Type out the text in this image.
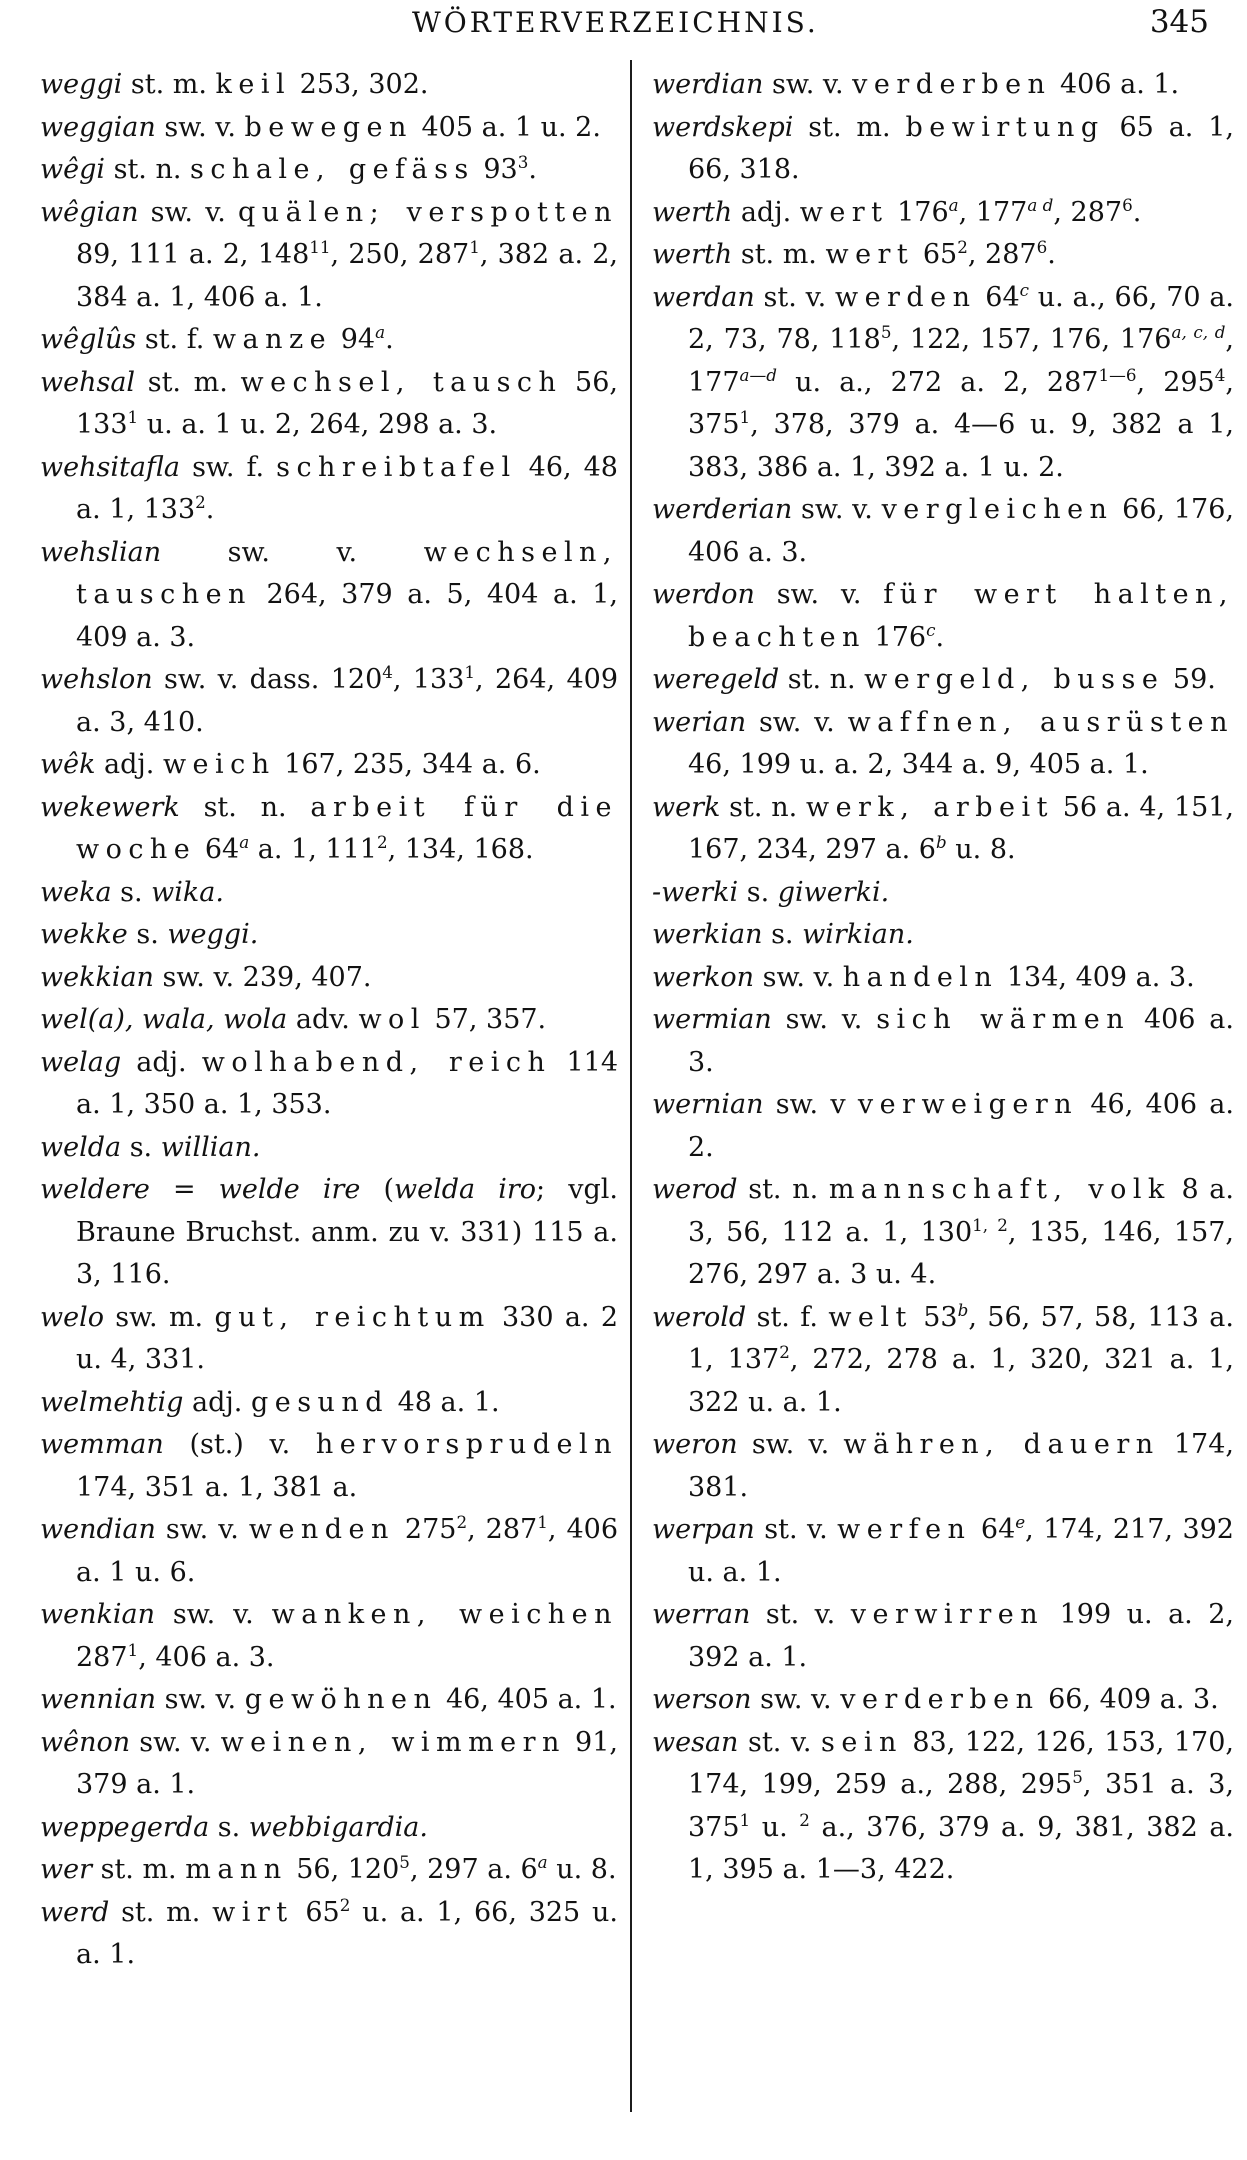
WÖRTERVERZEICHNIS.	345

weggi st. m. keil 253, 302.

weggian sw. v. bewegen 405 a. 1 u. 2.

wêgi st. n. schale, gefäss $93^3$.

wêgian sw. v. quälen; verspotten 89, 111 a. 2, $148^{11}$, 250, $287^1$, 382 a. 2, 384 a. 1, 406 a. 1.

wêglûs st. f. wanze 94$^a$.

wehsal st. m. wechsel, tausch 56, $133^1$ u. a. 1 u. 2, 264, 298 a. 3.

wehsitafla sw. f. schreibtafel 46, 48 a. 1, $133^2$.

wehslian sw. v. wechseln, tauschen 264, 379 a. 5, 404 a. 1, 409 a. 3.

wehslon sw. v. dass. $120^4$, $133^1$, 264, 409 a. 3, 410.

wêk adj. weich 167, 235, 344 a. 6.

wekewerk st. n. arbeit für die woche 64$^a$ a. 1, $111^2$, 134, 168.

weka s. wika.

wekke s. weggi.

wekkian sw. v. 239, 407.

wel(a), wala, wola adv. wol 57, 357.

welag adj. wolhabend, reich 114 a. 1, 350 a. 1, 353.

welda s. willian.

weldere = welde ire (welda iro; vgl. Braune Bruchst. anm. zu v. 331) 115 a. 3, 116.

welo sw. m. gut, reichtum 330 a. 2 u. 4, 331.

welmehtig adj. gesund 48 a. 1.

wemman (st.) v. hervorsprudeln 174, 351 a. 1, 381 a.

wendian sw. v. wenden $275^2$, $287^1$, 406 a. 1 u. 6.

wenkian sw. v. wanken, weichen $287^1$, 406 a. 3.

wennian sw. v. gewöhnen 46, 405 a. 1.

wênon sw. v. weinen, wimmern 91, 379 a. 1.

weppegerda s. webbigardia.

wer st. m. mann 56, $120^5$, 297 a. 6$^a$ u. 8.

werd st. m. wirt $65^2$ u. a. 1, 66, 325 u. a. 1.

werdian sw. v. verderben 406 a. 1.

werdskepi st. m. bewirtung 65 a. 1, 66, 318.

werth adj. wert 176$^a$, $177^{a d}$, $287^6$.

werth st. m. wert $65^2$, $287^6$.

werdan st. v. werden 64$^c$ u. a., 66, 70 a. 2, 73, 78, $118^5$, 122, 157, 176, 176$^{a, c, d}$, $177^{a—d}$ u. a., 272 a. 2, $287^{1—6}$, $295^4$, $375^1$, 378, 379 a. 4—6 u. 9, 382 a 1, 383, 386 a. 1, 392 a. 1 u. 2.

werderian sw. v. vergleichen 66, 176, 406 a. 3.

werdon sw. v. für wert halten, beachten 176$^c$.

weregeld st. n. wergeld, busse 59.

werian sw. v. waffnen, ausrüsten 46, 199 u. a. 2, 344 a. 9, 405 a. 1.

werk st. n. werk, arbeit 56 a. 4, 151, 167, 234, 297 a. 6$^b$ u. 8.

-werki s. giwerki.

werkian s. wirkian.

werkon sw. v. handeln 134, 409 a. 3.

wermian sw. v. sich wärmen 406 a. 3.

wernian sw. v verweigern 46, 406 a. 2.

werod st. n. mannschaft, volk 8 a. 3, 56, 112 a. 1, 130$^{1, 2}$, 135, 146, 157, 276, 297 a. 3 u. 4.

werold st. f. welt 53$^b$, 56, 57, 58, 113 a. 1, $137^2$, 272, 278 a. 1, 320, 321 a. 1, 322 u. a. 1.

weron sw. v. währen, dauern 174, 381.

werpan st. v. werfen 64e, 174, 217, 392 u. a. 1.

werran st. v. verwirren 199 u. a. 2, 392 a. 1.

werson sw. v. verderben 66, 409 a. 3.

wesan st. v. sein 83, 122, 126, 153, 170, 174, 199, 259 a., 288, $295^5$, 351 a. 3, $375^1$ u. $^2$ a., 376, 379 a. 9, 381, 382 a. 1, 395 a. 1—3, 422.
